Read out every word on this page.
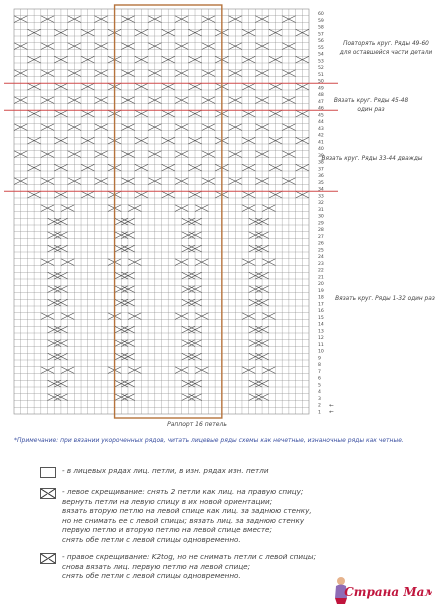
60
59
58
57
56
55
54
53
52
51
50
49
48
47
46
45
44
43
42
41
40
39
38
37
36
35
34
33
32
31
30
29
28
27
26
25
24
23
22
21
20
19
18
17
16
15
14
13
12
11
10
9
8
7
6
5
4
3
2
1
←
←
Раппорт 16 петель
Повторять круг. Ряды 49-60
для оставшейся части детали
Вязать круг. Ряды 45-48
один раз
Вязать круг. Ряды 33-44 дважды
Вязать круг. Ряды 1-32 один раз
*Примечание: при вязании укороченных рядов, читать лицевые ряды схемы как нечетные, изнаночные ряды как четные.
- в лицевых рядах лиц. петли, в изн. рядах изн. петли
- левое скрещивание: снять 2 петли как лиц. на правую спицу;
вернуть петли на левую спицу в их новой ориентации;
вязать вторую петлю на левой спице как лиц. за заднюю стенку,
но не снимать ее с левой спицы; вязать лиц. за заднюю стенку
первую петлю и вторую петлю на левой спице вместе;
снять обе петли с левой спицы одновременно.
- правое скрещивание: K2tog, но не снимать петли с левой спицы;
снова вязать лиц. первую петлю на левой спице;
снять обе петли с левой спицы одновременно.
Страна Мам
